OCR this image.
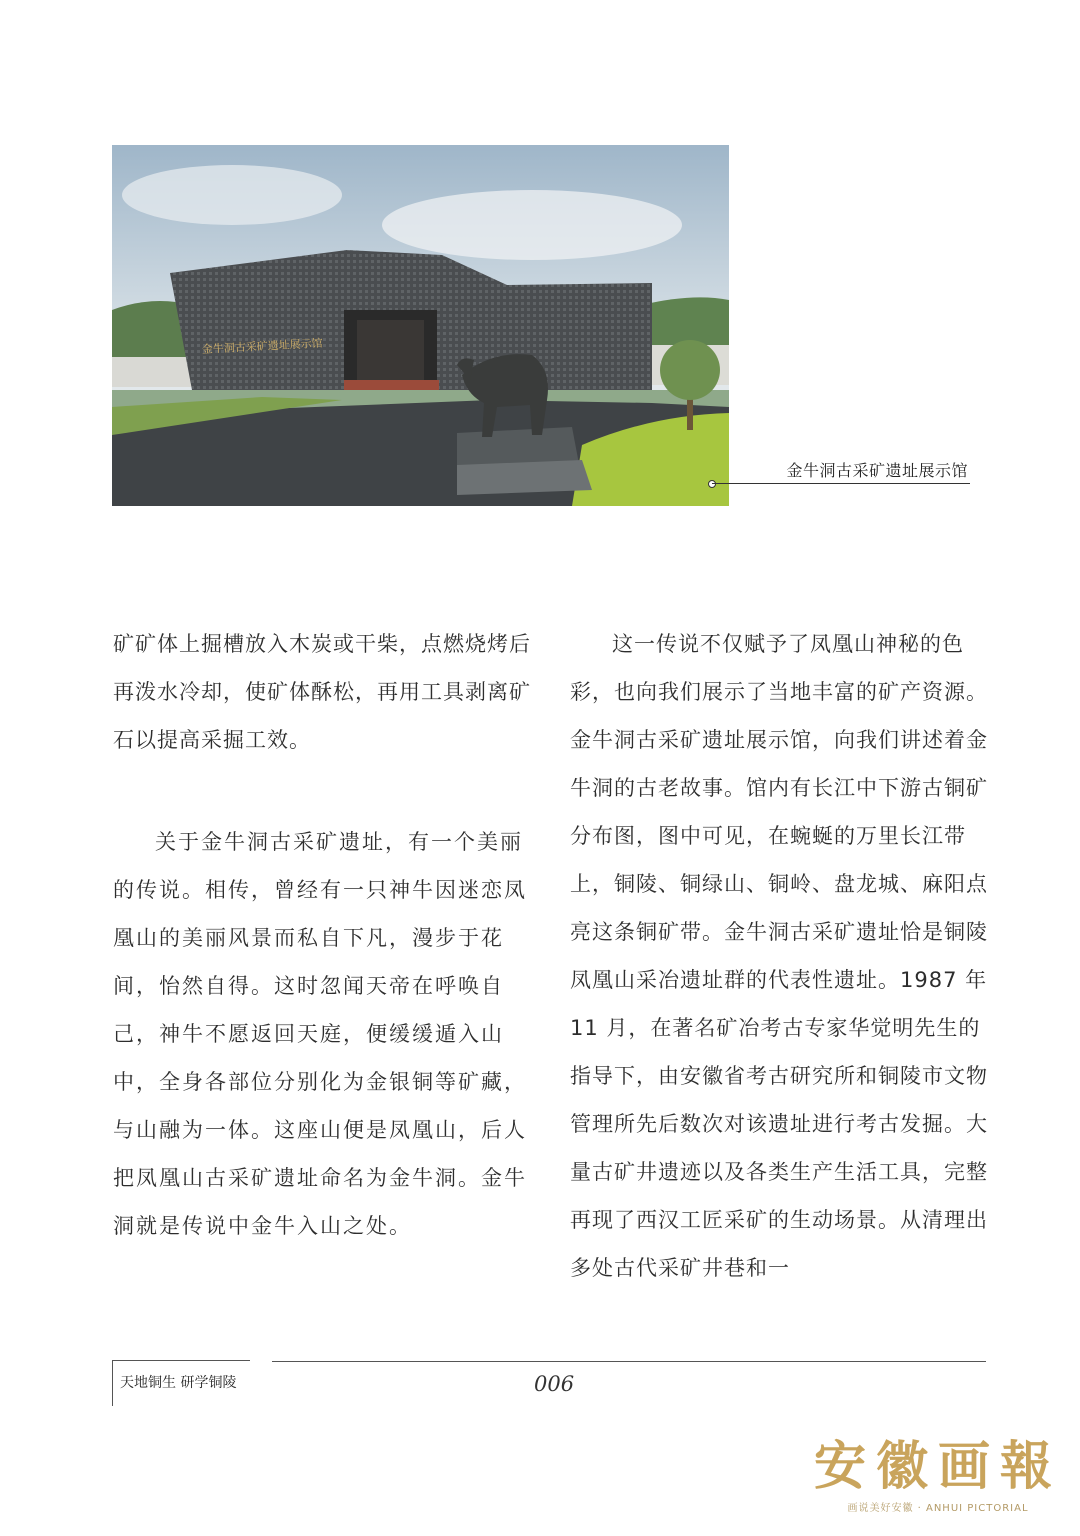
金牛洞古采矿遗址展示馆
金牛洞古采矿遗址展示馆

矿矿体上掘槽放入木炭或干柴，点燃烧烤后再泼水冷却，使矿体酥松，再用工具剥离矿石以提高采掘工效。

关于金牛洞古采矿遗址，有一个美丽的传说。相传，曾经有一只神牛因迷恋凤凰山的美丽风景而私自下凡，漫步于花间，怡然自得。这时忽闻天帝在呼唤自己，神牛不愿返回天庭，便缓缓遁入山中，全身各部位分别化为金银铜等矿藏，与山融为一体。这座山便是凤凰山，后人把凤凰山古采矿遗址命名为金牛洞。金牛洞就是传说中金牛入山之处。

这一传说不仅赋予了凤凰山神秘的色彩，也向我们展示了当地丰富的矿产资源。金牛洞古采矿遗址展示馆，向我们讲述着金牛洞的古老故事。馆内有长江中下游古铜矿分布图，图中可见，在蜿蜒的万里长江带上，铜陵、铜绿山、铜岭、盘龙城、麻阳点亮这条铜矿带。金牛洞古采矿遗址恰是铜陵凤凰山采冶遗址群的代表性遗址。1987 年 11 月，在著名矿冶考古专家华觉明先生的指导下，由安徽省考古研究所和铜陵市文物管理所先后数次对该遗址进行考古发掘。大量古矿井遗迹以及各类生产生活工具，完整再现了西汉工匠采矿的生动场景。从清理出多处古代采矿井巷和一

天地铜生 研学铜陵	006
安徽画報
画说美好安徽 · ANHUI PICTORIAL
